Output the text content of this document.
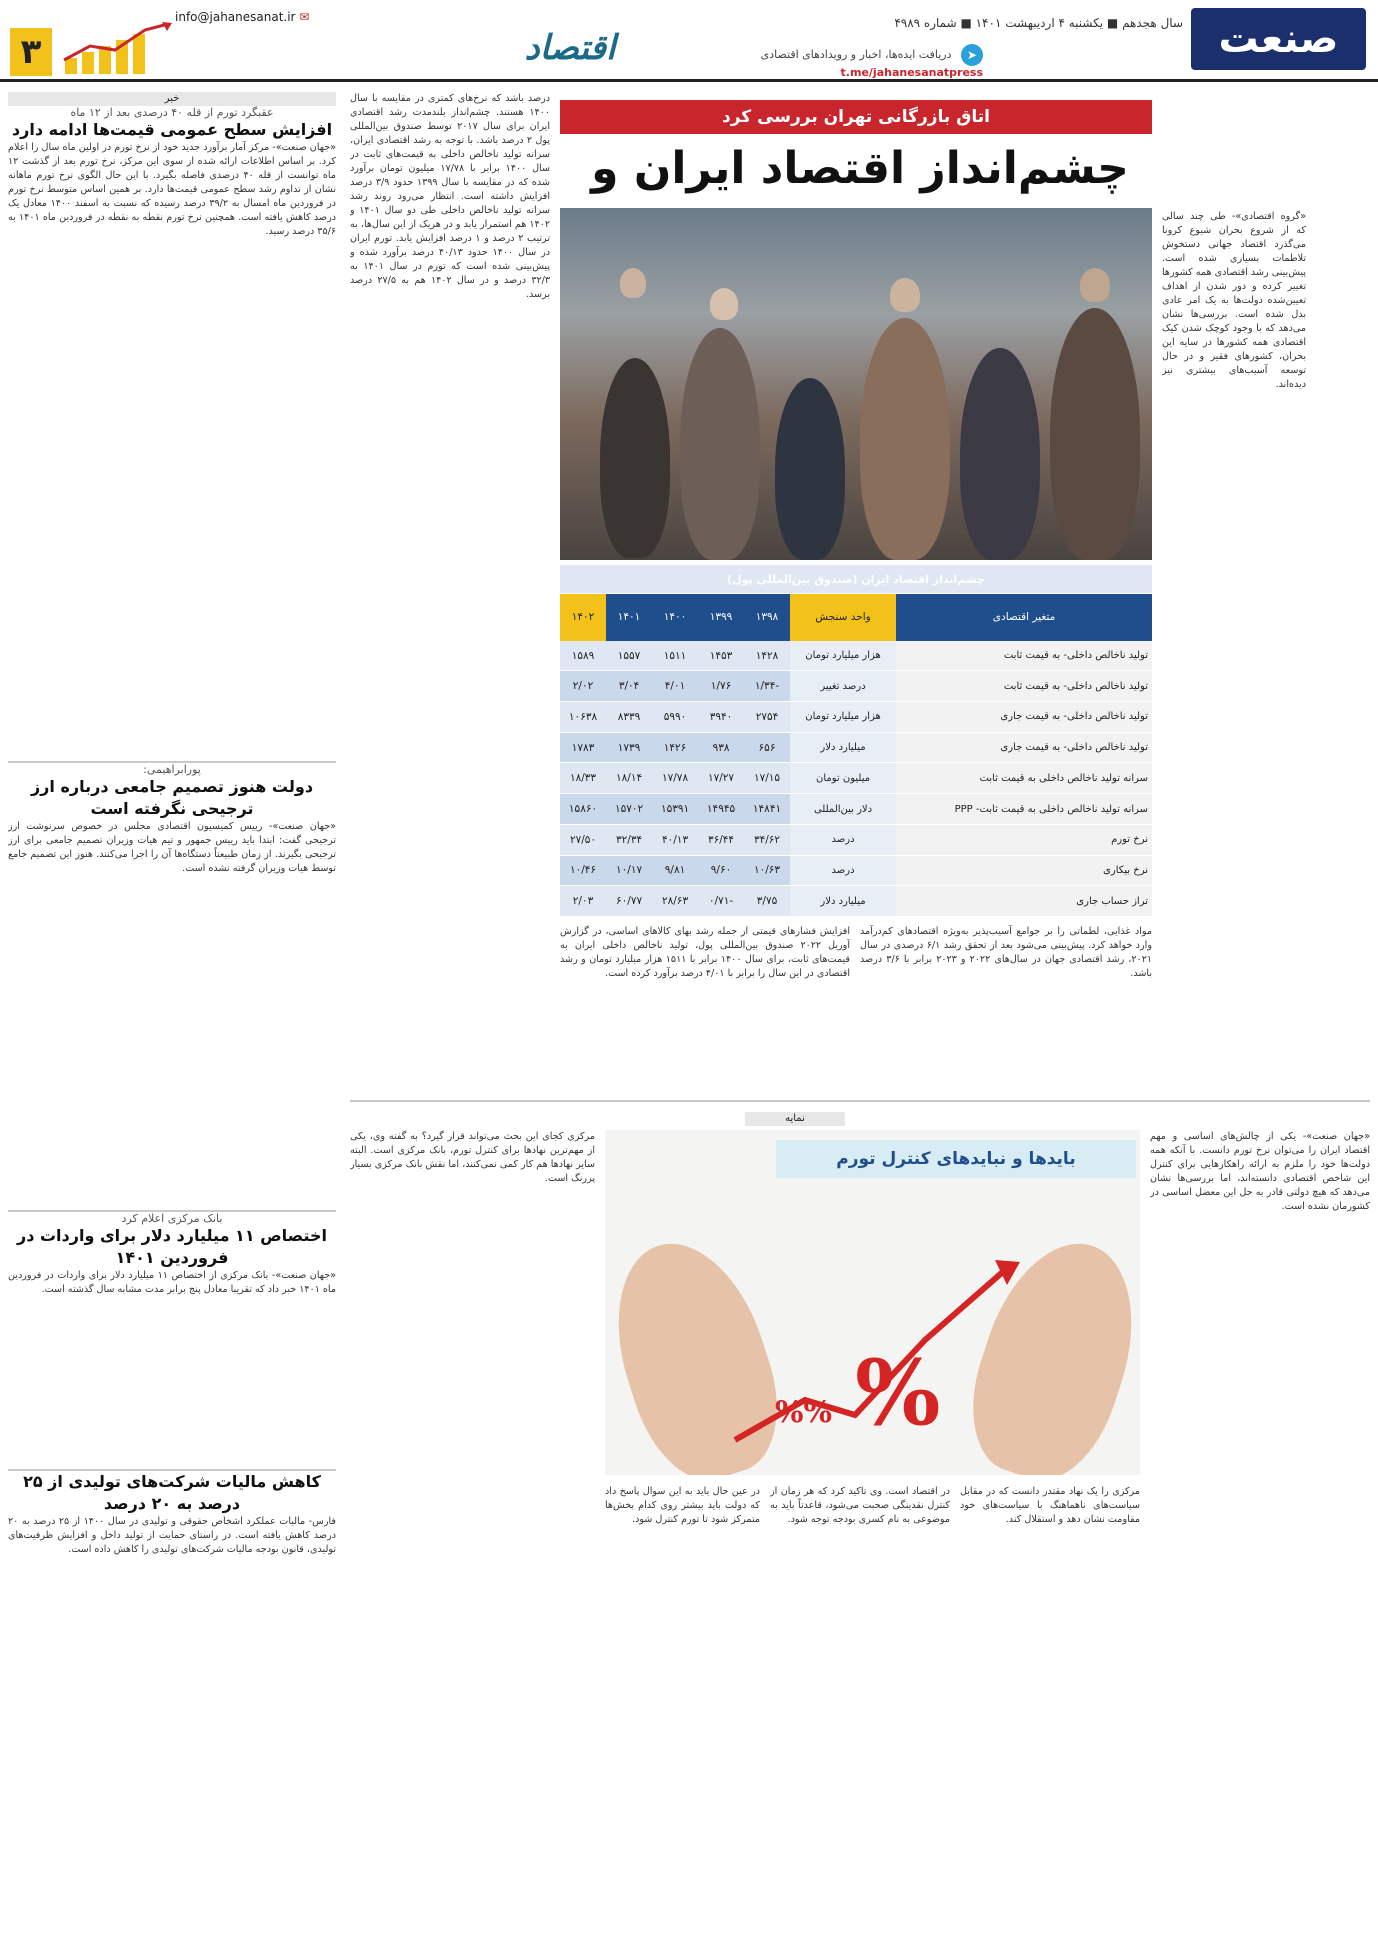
صنعت
سال هجدهم ■ یکشنبه ۴ اردیبهشت ۱۴۰۱ ■ شماره ۴۹۸۹
➤ دریافت ایده‌ها، اخبار و رویدادهای اقتصادی
t.me/jahanesanatpress
اقتصاد
✉ info@jahanesanat.ir
۳
اتاق بازرگانی تهران بررسی کرد
چشم‌انداز اقتصاد ایران و
چشم‌انداز اقتصاد ایران (صندوق بین‌المللی پول)						
متغیر اقتصادی	واحد سنجش	۱۳۹۸	۱۳۹۹	۱۴۰۰	۱۴۰۱	۱۴۰۲
تولید ناخالص داخلی- به قیمت ثابت	هزار میلیارد تومان	۱۴۲۸	۱۴۵۳	۱۵۱۱	۱۵۵۷	۱۵۸۹
تولید ناخالص داخلی- به قیمت ثابت	درصد تغییر	-۱/۳۴	۱/۷۶	۴/۰۱	۳/۰۴	۲/۰۲
تولید ناخالص داخلی- به قیمت جاری	هزار میلیارد تومان	۲۷۵۴	۳۹۴۰	۵۹۹۰	۸۳۳۹	۱۰۶۳۸
تولید ناخالص داخلی- به قیمت جاری	میلیارد دلار	۶۵۶	۹۳۸	۱۴۲۶	۱۷۳۹	۱۷۸۳
سرانه تولید ناخالص داخلی به قیمت ثابت	میلیون تومان	۱۷/۱۵	۱۷/۲۷	۱۷/۷۸	۱۸/۱۴	۱۸/۳۳
سرانه تولید ناخالص داخلی به قیمت ثابت- PPP	دلار بین‌المللی	۱۴۸۴۱	۱۴۹۴۵	۱۵۳۹۱	۱۵۷۰۲	۱۵۸۶۰
نرخ تورم	درصد	۳۴/۶۲	۳۶/۴۴	۴۰/۱۳	۳۲/۳۴	۲۷/۵۰
نرخ بیکاری	درصد	۱۰/۶۳	۹/۶۰	۹/۸۱	۱۰/۱۷	۱۰/۴۶
تراز حساب جاری	میلیارد دلار	۳/۷۵	-۰/۷۱	۲۸/۶۳	۶۰/۷۷	۲/۰۳

«گروه اقتصادی»- طی چند سالی که از شروع بحران شیوع کرونا می‌گذرد اقتصاد جهانی دستخوش تلاطمات بسیاری شده است. پیش‌بینی رشد اقتصادی همه کشورها تغییر کرده و دور شدن از اهداف تعیین‌شده دولت‌ها به یک امر عادی بدل شده است. بررسی‌ها نشان می‌دهد که با وجود کوچک شدن کیک اقتصادی همه کشورها در سایه این بحران، کشورهای فقیر و در حال توسعه آسیب‌های بیشتری نیز دیده‌اند.

درصد باشد که نرخ‌های کمتری در مقایسه با سال ۱۴۰۰ هستند. چشم‌انداز بلندمدت رشد اقتصادی ایران برای سال ۲۰۱۷ توسط صندوق بین‌المللی پول ۲ درصد باشد. با توجه به رشد اقتصادی ایران، سرانه تولید ناخالص داخلی به قیمت‌های ثابت در سال ۱۴۰۰ برابر با ۱۷/۷۸ میلیون تومان برآورد شده که در مقایسه با سال ۱۳۹۹ حدود ۳/۹ درصد افزایش داشته است. انتظار می‌رود روند رشد سرانه تولید ناخالص داخلی طی دو سال ۱۴۰۱ و ۱۴۰۲ هم استمرار یابد و در هریک از این سال‌ها، به ترتیب ۲ درصد و ۱ درصد افزایش یابد. تورم ایران در سال ۱۴۰۰ حدود ۴۰/۱۳ درصد برآورد شده و پیش‌بینی شده است که تورم در سال ۱۴۰۱ به ۳۲/۳ درصد و در سال ۱۴۰۲ هم به ۲۷/۵ درصد برسد.

افزایش فشارهای قیمتی از جمله رشد بهای کالاهای اساسی، در گزارش آوریل ۲۰۲۲ صندوق بین‌المللی پول، تولید ناخالص داخلی ایران به قیمت‌های ثابت، برای سال ۱۴۰۰ برابر با ۱۵۱۱ هزار میلیارد تومان و رشد اقتصادی در این سال را برابر با ۴/۰۱ درصد برآورد کرده است.

مواد غذایی، لطماتی را بر جوامع آسیب‌پذیر به‌ویژه اقتصادهای کم‌درآمد وارد خواهد کرد. پیش‌بینی می‌شود بعد از تحقق رشد ۶/۱ درصدی در سال ۲۰۲۱، رشد اقتصادی جهان در سال‌های ۲۰۲۲ و ۲۰۲۳ برابر با ۳/۶ درصد باشد.

خبر
عقبگرد تورم از قله ۴۰ درصدی بعد از ۱۲ ماه
افزایش سطح عمومی قیمت‌ها ادامه دارد

«جهان صنعت»- مرکز آمار برآورد جدید خود از نرخ تورم در اولین ماه سال را اعلام کرد. بر اساس اطلاعات ارائه شده از سوی این مرکز، نرخ تورم بعد از گذشت ۱۲ ماه توانست از قله ۴۰ درصدی فاصله بگیرد. با این حال الگوی نرخ تورم ماهانه نشان از تداوم رشد سطح عمومی قیمت‌ها دارد. بر همین اساس متوسط نرخ تورم در فروردین ماه امسال به ۳۹/۲ درصد رسیده که نسبت به اسفند ۱۴۰۰ معادل یک درصد کاهش یافته است. همچنین نرخ تورم نقطه به نقطه در فروردین ماه ۱۴۰۱ به ۳۵/۶ درصد رسید.

پورابراهیمی:
دولت هنوز تصمیم جامعی درباره ارز ترجیحی نگرفته است

«جهان صنعت»- رییس کمیسیون اقتصادی مجلس در خصوص سرنوشت ارز ترجیحی گفت: ابتدا باید رییس جمهور و تیم هیات وزیران تصمیم جامعی برای ارز ترجیحی بگیرند. از زمان طبیعتاً دستگاه‌ها آن را اجرا می‌کنند. هنوز این تصمیم جامع توسط هیات وزیران گرفته نشده است.

بانک مرکزی اعلام کرد
اختصاص ۱۱ میلیارد دلار برای واردات در فروردین ۱۴۰۱

«جهان صنعت»- بانک مرکزی از اختصاص ۱۱ میلیارد دلار برای واردات در فروردین ماه ۱۴۰۱ خبر داد که تقریبا معادل پنج برابر مدت مشابه سال گذشته است.

کاهش مالیات شرکت‌های تولیدی از ۲۵ درصد به ۲۰ درصد

فارس- مالیات عملکرد اشخاص حقوقی و تولیدی در سال ۱۴۰۰ از ۲۵ درصد به ۲۰ درصد کاهش یافته است. در راستای حمایت از تولید داخل و افزایش ظرفیت‌های تولیدی، قانون بودجه مالیات شرکت‌های تولیدی را کاهش داده است.

نمایه
%
%%
بایدها و نبایدهای کنترل تورم

«جهان صنعت»- یکی از چالش‌های اساسی و مهم اقتصاد ایران را می‌توان نرخ تورم دانست. با آنکه همه دولت‌ها خود را ملزم به ارائه راهکارهایی برای کنترل این شاخص اقتصادی دانسته‌اند، اما بررسی‌ها نشان می‌دهد که هیچ دولتی قادر به حل این معضل اساسی در کشورمان نشده است.

مرکزی کجای این بحث می‌تواند قرار گیرد؟ به گفته وی، یکی از مهم‌ترین نهادها برای کنترل تورم، بانک مرکزی است. البته سایر نهادها هم کار کمی نمی‌کنند، اما نقش بانک مرکزی بسیار پررنگ است.

مرکزی را یک نهاد مقتدر دانست که در مقابل سیاست‌های ناهماهنگ با سیاست‌های خود مقاومت نشان دهد و استقلال کند.

در اقتصاد است. وی تاکید کرد که هر زمان از کنترل نقدینگی صحبت می‌شود، قاعدتاً باید به موضوعی به نام کسری بودجه توجه شود.

در عین حال باید به این سوال پاسخ داد که دولت باید بیشتر روی کدام بخش‌ها متمرکز شود تا تورم کنترل شود.
